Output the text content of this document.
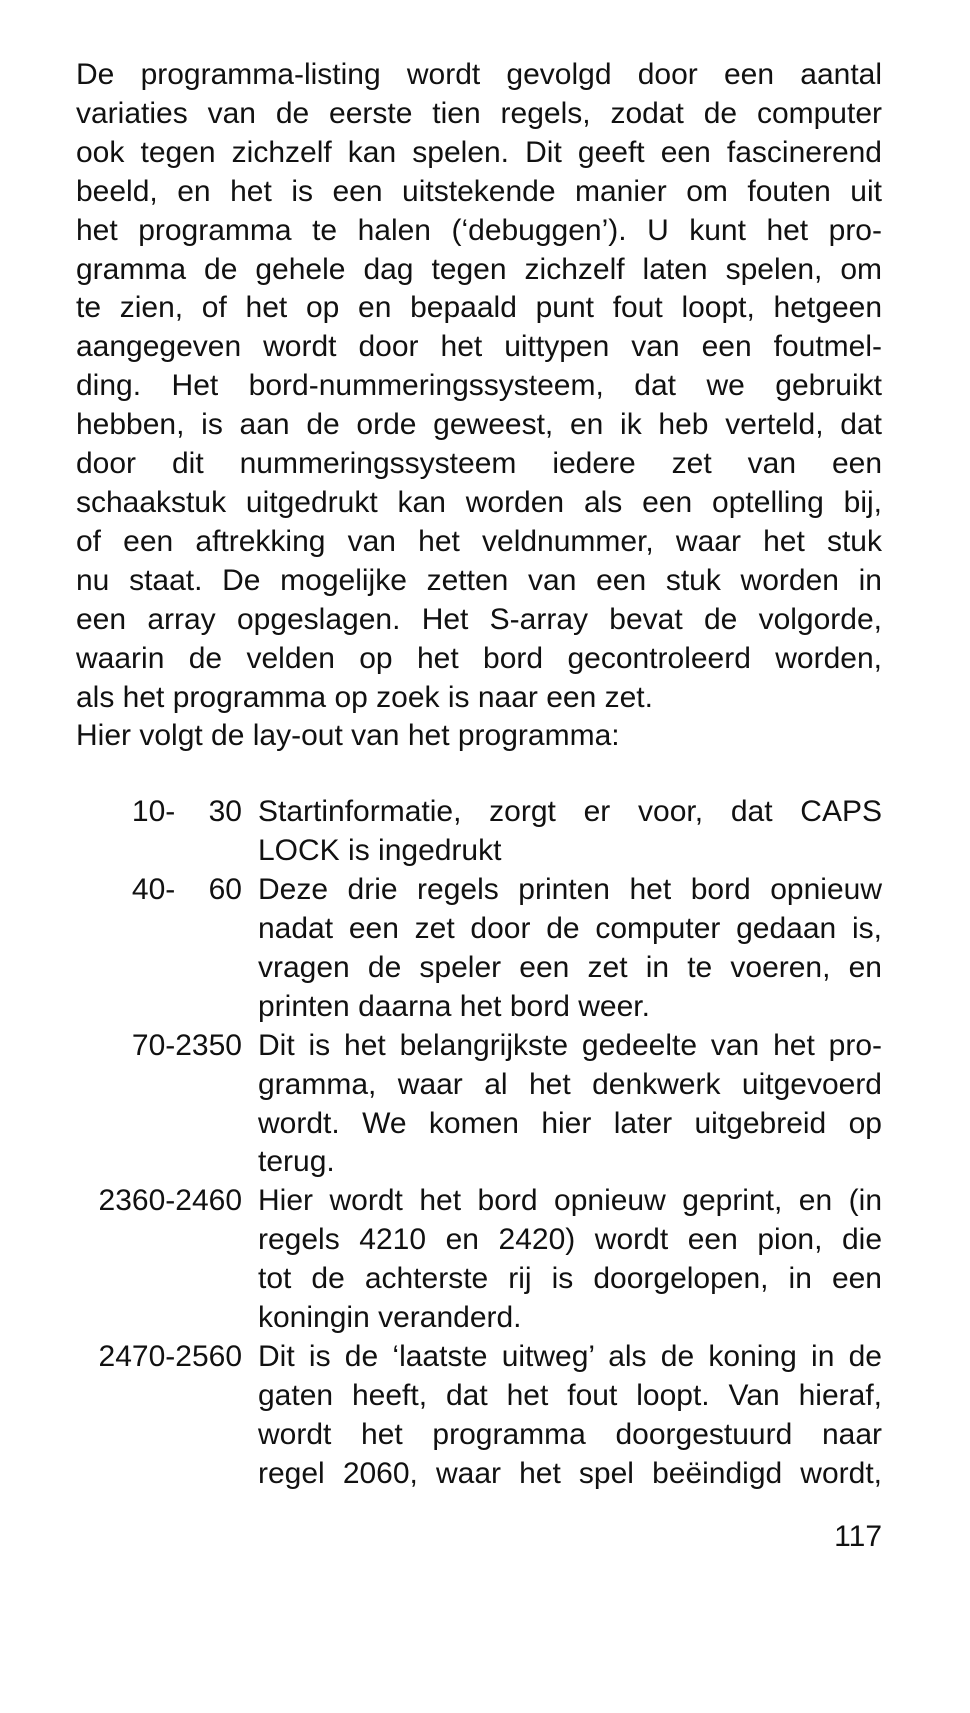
De programma-listing wordt gevolgd door een aantal
variaties van de eerste tien regels, zodat de computer
ook tegen zichzelf kan spelen. Dit geeft een fascinerend
beeld, en het is een uitstekende manier om fouten uit
het programma te halen (‘debuggen’). U kunt het pro-
gramma de gehele dag tegen zichzelf laten spelen, om
te zien, of het op en bepaald punt fout loopt, hetgeen
aangegeven wordt door het uittypen van een foutmel-
ding. Het bord-nummeringssysteem, dat we gebruikt
hebben, is aan de orde geweest, en ik heb verteld, dat
door dit nummeringssysteem iedere zet van een
schaakstuk uitgedrukt kan worden als een optelling bij,
of een aftrekking van het veldnummer, waar het stuk
nu staat. De mogelijke zetten van een stuk worden in
een array opgeslagen. Het S-array bevat de volgorde,
waarin de velden op het bord gecontroleerd worden,
als het programma op zoek is naar een zet.

Hier volgt de lay-out van het programma:

10-    30 Startinformatie, zorgt er voor, dat CAPS
LOCK is ingedrukt
40-    60 Deze drie regels printen het bord opnieuw
nadat een zet door de computer gedaan is,
vragen de speler een zet in te voeren, en
printen daarna het bord weer.
70-2350 Dit is het belangrijkste gedeelte van het pro-
gramma, waar al het denkwerk uitgevoerd
wordt. We komen hier later uitgebreid op
terug.
2360-2460 Hier wordt het bord opnieuw geprint, en (in
regels 4210 en 2420) wordt een pion, die
tot de achterste rij is doorgelopen, in een
koningin veranderd.
2470-2560 Dit is de ‘laatste uitweg’ als de koning in de
gaten heeft, dat het fout loopt. Van hieraf,
wordt het programma doorgestuurd naar
regel 2060, waar het spel beëindigd wordt,
117
